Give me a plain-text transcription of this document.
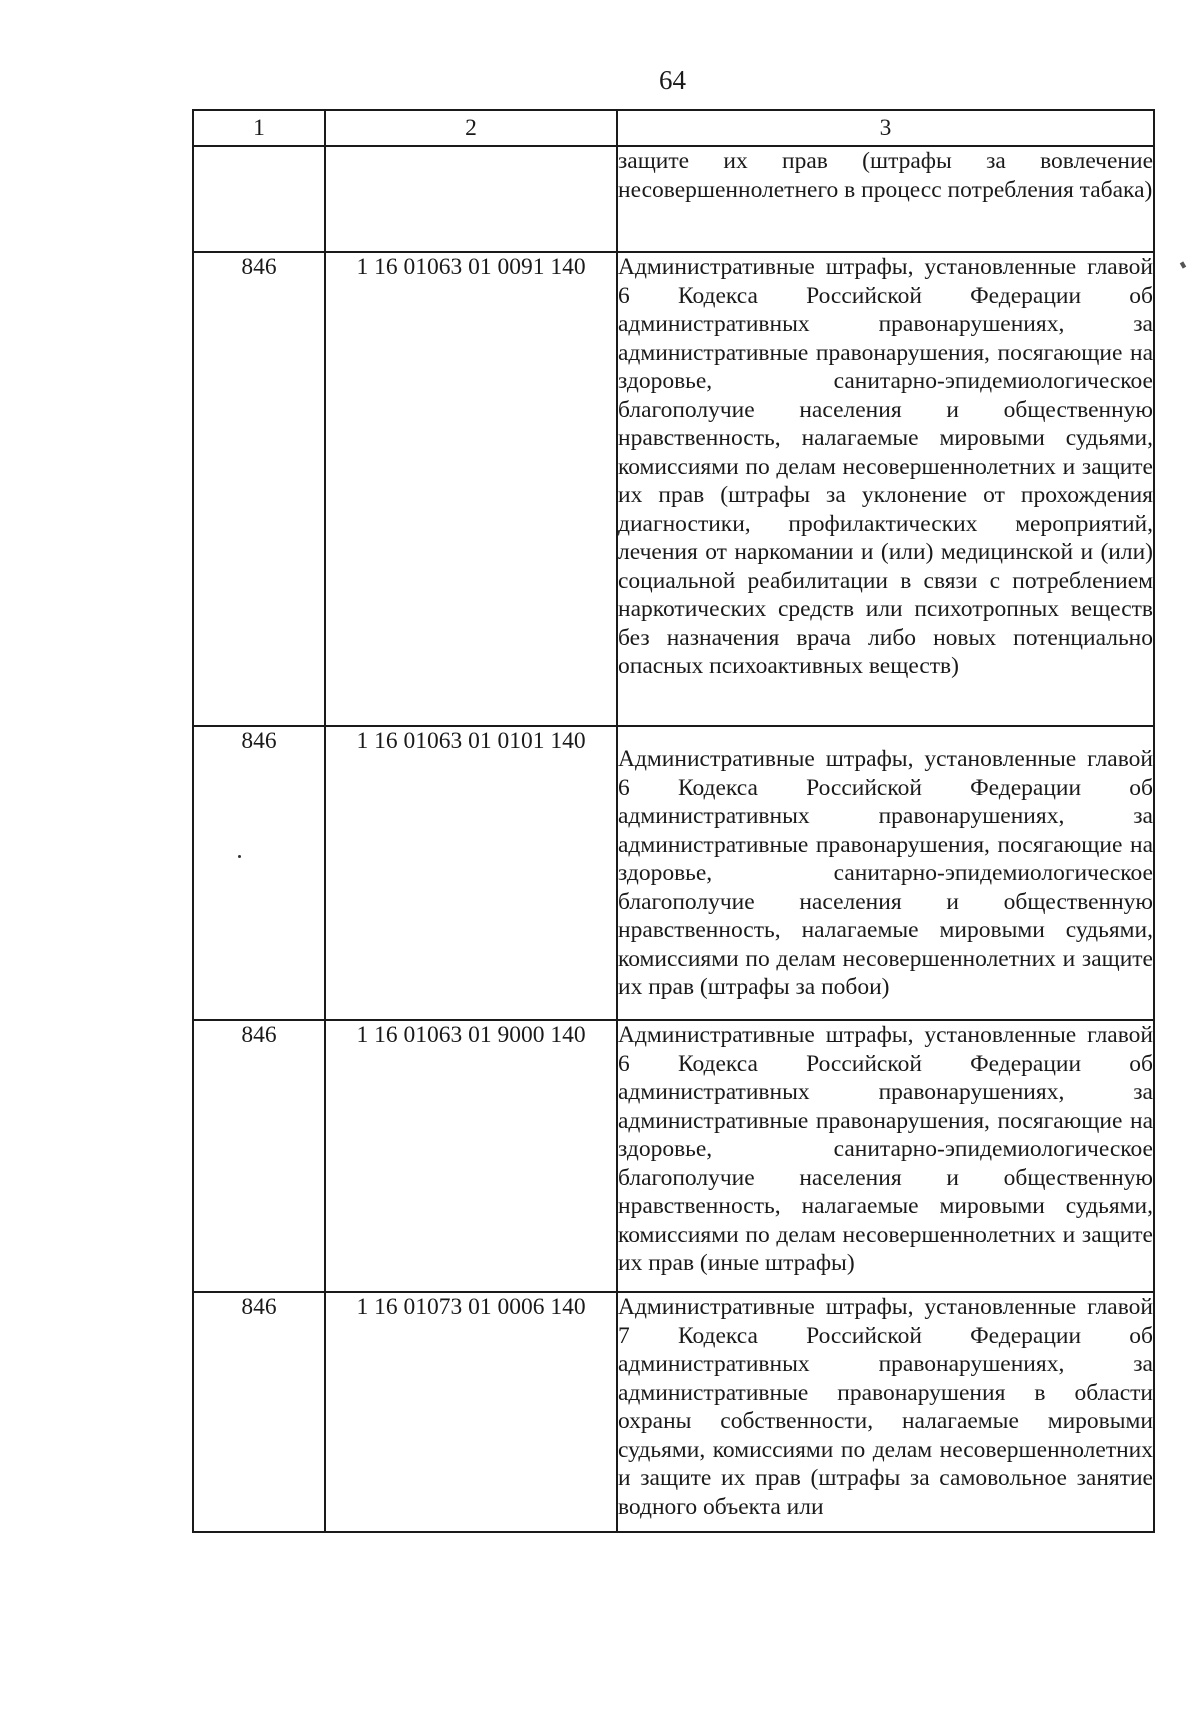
64
1	2	3
		защите их прав (штрафы за вовлечение несовершеннолетнего в процесс потребления табака)
846	1 16 01063 01 0091 140	Административные штрафы, установленные главой 6 Кодекса Российской Федерации об административных правонарушениях, за административные правонарушения, посягающие на здоровье, санитарно-эпидемиологическое благополучие населения и общественную нравственность, налагаемые мировыми судьями, комиссиями по делам несовершеннолетних и защите их прав (штрафы за уклонение от прохождения диагностики, профилактических мероприятий, лечения от наркомании и (или) медицинской и (или) социальной реабилитации в связи с потреблением наркотических средств или психотропных веществ без назначения врача либо новых потенциально опасных психоактивных веществ)
846	1 16 01063 01 0101 140	Административные штрафы, установленные главой 6 Кодекса Российской Федерации об административных правонарушениях, за административные правонарушения, посягающие на здоровье, санитарно-эпидемиологическое благополучие населения и общественную нравственность, налагаемые мировыми судьями, комиссиями по делам несовершеннолетних и защите их прав (штрафы за побои)
846	1 16 01063 01 9000 140	Административные штрафы, установленные главой 6 Кодекса Российской Федерации об административных правонарушениях, за административные правонарушения, посягающие на здоровье, санитарно-эпидемиологическое благополучие населения и общественную нравственность, налагаемые мировыми судьями, комиссиями по делам несовершеннолетних и защите их прав (иные штрафы)
846	1 16 01073 01 0006 140	Административные штрафы, установленные главой 7 Кодекса Российской Федерации об административных правонарушениях, за административные правонарушения в области охраны собственности, налагаемые мировыми судьями, комиссиями по делам несовершеннолетних и защите их прав (штрафы за самовольное занятие водного объекта или
